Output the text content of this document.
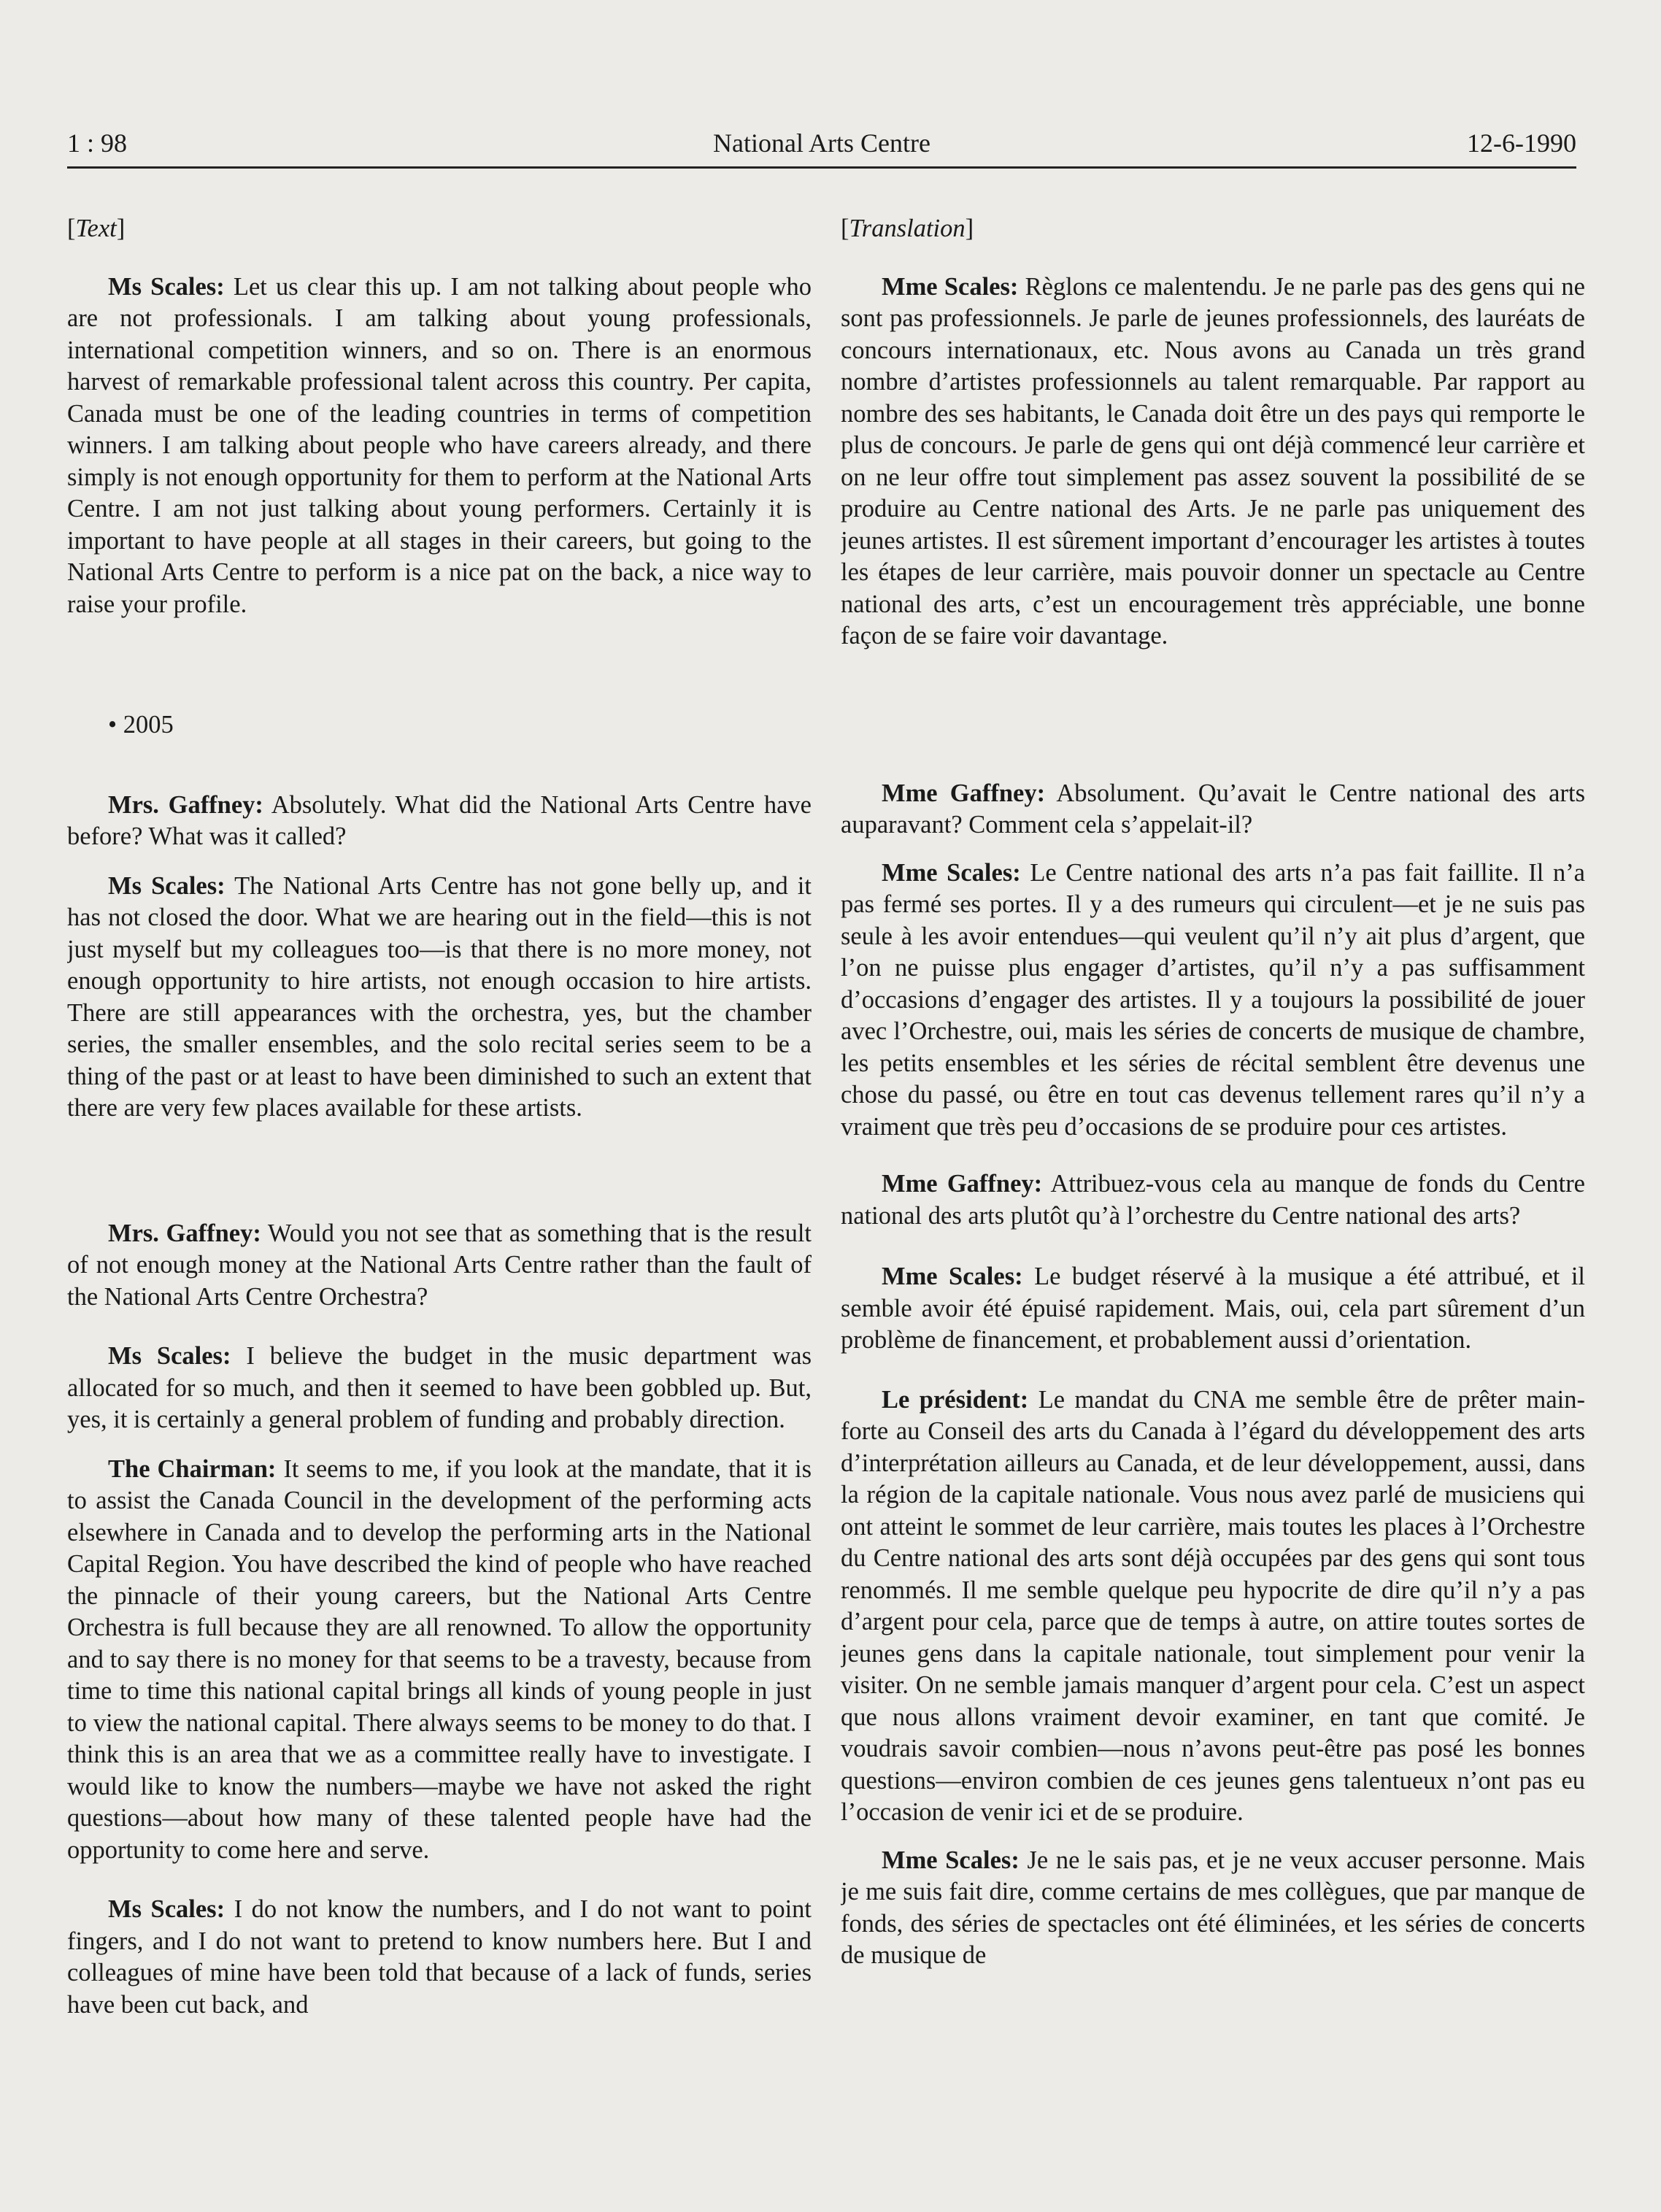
1 : 98	National Arts Centre	12-6-1990
[ Text ]

Ms Scales: Let us clear this up. I am not talking about people who are not professionals. I am talking about young professionals, international competition winners, and so on. There is an enormous harvest of remarkable professional talent across this country. Per capita, Canada must be one of the leading countries in terms of competition winners. I am talking about people who have careers already, and there simply is not enough opportunity for them to perform at the National Arts Centre. I am not just talking about young performers. Certainly it is important to have people at all stages in their careers, but going to the National Arts Centre to perform is a nice pat on the back, a nice way to raise your profile.

• 2005

Mrs. Gaffney: Absolutely. What did the National Arts Centre have before? What was it called?

Ms Scales: The National Arts Centre has not gone belly up, and it has not closed the door. What we are hearing out in the field—this is not just myself but my colleagues too—is that there is no more money, not enough opportunity to hire artists, not enough occasion to hire artists. There are still appearances with the orchestra, yes, but the chamber series, the smaller ensembles, and the solo recital series seem to be a thing of the past or at least to have been diminished to such an extent that there are very few places available for these artists.

Mrs. Gaffney: Would you not see that as something that is the result of not enough money at the National Arts Centre rather than the fault of the National Arts Centre Orchestra?

Ms Scales: I believe the budget in the music department was allocated for so much, and then it seemed to have been gobbled up. But, yes, it is certainly a general problem of funding and probably direction.

The Chairman: It seems to me, if you look at the mandate, that it is to assist the Canada Council in the development of the performing acts elsewhere in Canada and to develop the performing arts in the National Capital Region. You have described the kind of people who have reached the pinnacle of their young careers, but the National Arts Centre Orchestra is full because they are all renowned. To allow the opportunity and to say there is no money for that seems to be a travesty, because from time to time this national capital brings all kinds of young people in just to view the national capital. There always seems to be money to do that. I think this is an area that we as a committee really have to investigate. I would like to know the numbers—maybe we have not asked the right questions—about how many of these talented people have had the opportunity to come here and serve.

Ms Scales: I do not know the numbers, and I do not want to point fingers, and I do not want to pretend to know numbers here. But I and colleagues of mine have been told that because of a lack of funds, series have been cut back, and

[ Translation ]

Mme Scales: Règlons ce malentendu. Je ne parle pas des gens qui ne sont pas professionnels. Je parle de jeunes professionnels, des lauréats de concours internationaux, etc. Nous avons au Canada un très grand nombre d’artistes professionnels au talent remarquable. Par rapport au nombre des ses habitants, le Canada doit être un des pays qui remporte le plus de concours. Je parle de gens qui ont déjà commencé leur carrière et on ne leur offre tout simplement pas assez souvent la possibilité de se produire au Centre national des Arts. Je ne parle pas uniquement des jeunes artistes. Il est sûrement important d’encourager les artistes à toutes les étapes de leur carrière, mais pouvoir donner un spectacle au Centre national des arts, c’est un encouragement très appréciable, une bonne façon de se faire voir davantage.

Mme Gaffney: Absolument. Qu’avait le Centre national des arts auparavant? Comment cela s’appelait-il?

Mme Scales: Le Centre national des arts n’a pas fait faillite. Il n’a pas fermé ses portes. Il y a des rumeurs qui circulent—et je ne suis pas seule à les avoir entendues—qui veulent qu’il n’y ait plus d’argent, que l’on ne puisse plus engager d’artistes, qu’il n’y a pas suffisamment d’occasions d’engager des artistes. Il y a toujours la possibilité de jouer avec l’Orchestre, oui, mais les séries de concerts de musique de chambre, les petits ensembles et les séries de récital semblent être devenus une chose du passé, ou être en tout cas devenus tellement rares qu’il n’y a vraiment que très peu d’occasions de se produire pour ces artistes.

Mme Gaffney: Attribuez-vous cela au manque de fonds du Centre national des arts plutôt qu’à l’orchestre du Centre national des arts?

Mme Scales: Le budget réservé à la musique a été attribué, et il semble avoir été épuisé rapidement. Mais, oui, cela part sûrement d’un problème de financement, et probablement aussi d’orientation.

Le président: Le mandat du CNA me semble être de prêter main-forte au Conseil des arts du Canada à l’égard du développement des arts d’interprétation ailleurs au Canada, et de leur développement, aussi, dans la région de la capitale nationale. Vous nous avez parlé de musiciens qui ont atteint le sommet de leur carrière, mais toutes les places à l’Orchestre du Centre national des arts sont déjà occupées par des gens qui sont tous renommés. Il me semble quelque peu hypocrite de dire qu’il n’y a pas d’argent pour cela, parce que de temps à autre, on attire toutes sortes de jeunes gens dans la capitale nationale, tout simplement pour venir la visiter. On ne semble jamais manquer d’argent pour cela. C’est un aspect que nous allons vraiment devoir examiner, en tant que comité. Je voudrais savoir combien—nous n’avons peut-être pas posé les bonnes questions—environ combien de ces jeunes gens talentueux n’ont pas eu l’occasion de venir ici et de se produire.

Mme Scales: Je ne le sais pas, et je ne veux accuser personne. Mais je me suis fait dire, comme certains de mes collègues, que par manque de fonds, des séries de spectacles ont été éliminées, et les séries de concerts de musique de
